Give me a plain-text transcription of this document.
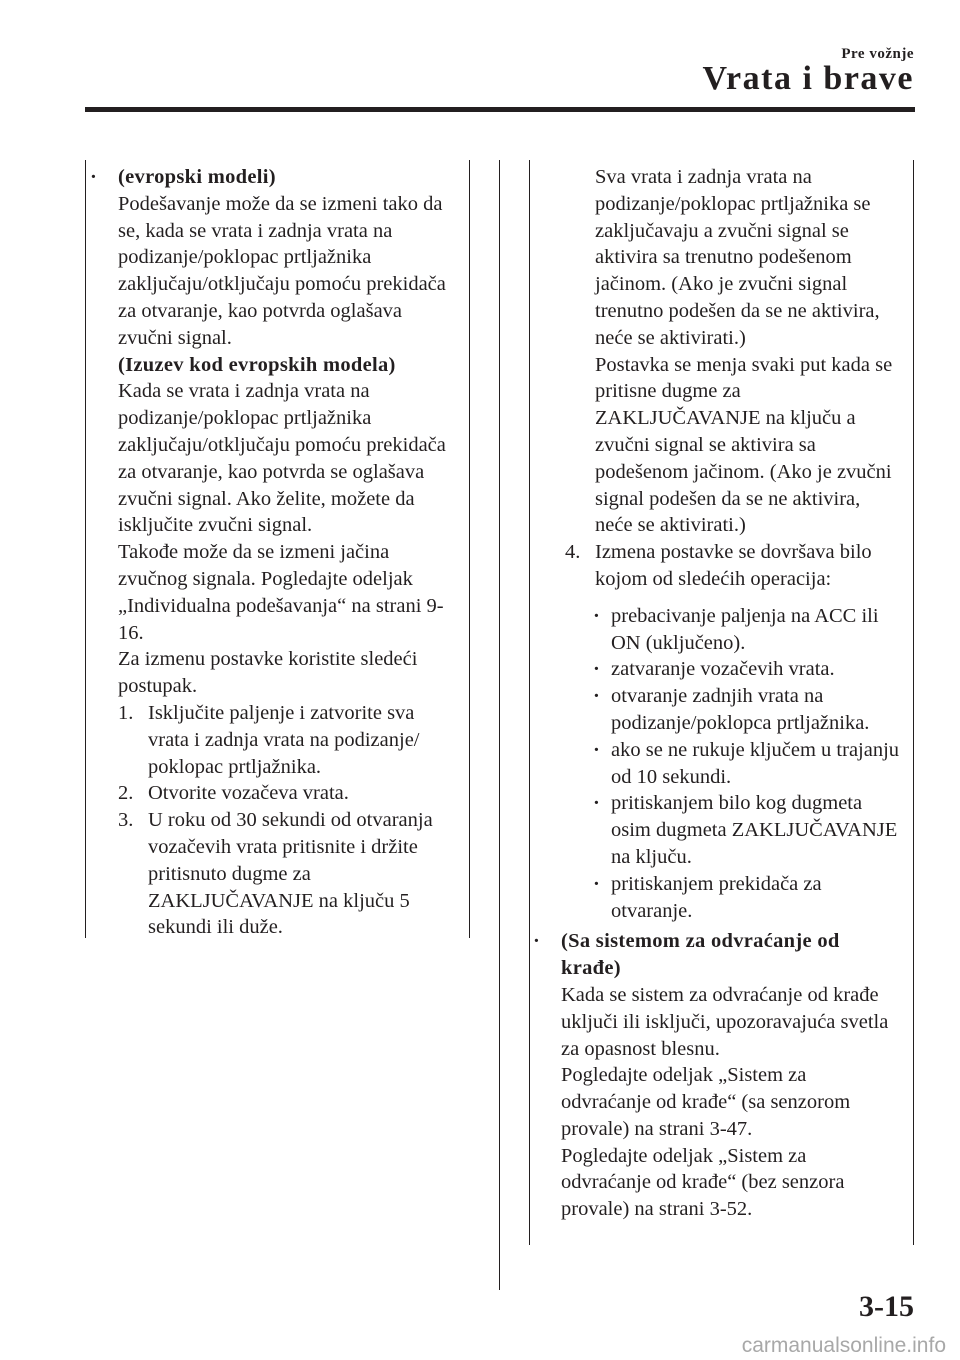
Pre vožnje
Vrata i brave

· (evropski modeli)

Podešavanje može da se izmeni tako da se, kada se vrata i zadnja vrata na podizanje/poklopac prtljažnika zaključaju/otključaju pomoću prekidača za otvaranje, kao potvrda oglašava zvučni signal.

(Izuzev kod evropskih modela)

Kada se vrata i zadnja vrata na podizanje/poklopac prtljažnika zaključaju/otključaju pomoću prekidača za otvaranje, kao potvrda se oglašava zvučni signal. Ako želite, možete da isključite zvučni signal.

Takođe može da se izmeni jačina zvučnog signala. Pogledajte odeljak „Individualna podešavanja“ na strani 9-16.

Za izmenu postavke koristite sledeći postupak.

1. Isključite paljenje i zatvorite sva vrata i zadnja vrata na podizanje/ poklopac prtljažnika.
2. Otvorite vozačeva vrata.
3. U roku od 30 sekundi od otvaranja vozačevih vrata pritisnite i držite pritisnuto dugme za ZAKLJUČAVANJE na ključu 5 sekundi ili duže.

Sva vrata i zadnja vrata na podizanje/poklopac prtljažnika se zaključavaju a zvučni signal se aktivira sa trenutno podešenom jačinom. (Ako je zvučni signal trenutno podešen da se ne aktivira, neće se aktivirati.)

Postavka se menja svaki put kada se pritisne dugme za ZAKLJUČAVANJE na ključu a zvučni signal se aktivira sa podešenom jačinom. (Ako je zvučni signal podešen da se ne aktivira, neće se aktivirati.)

4. Izmena postavke se dovršava bilo kojom od sledećih operacija:

· prebacivanje paljenja na ACC ili ON (uključeno).

· zatvaranje vozačevih vrata.

· otvaranje zadnjih vrata na podizanje/poklopca prtljažnika.

· ako se ne rukuje ključem u trajanju od 10 sekundi.

· pritiskanjem bilo kog dugmeta osim dugmeta ZAKLJUČAVANJE na ključu.

· pritiskanjem prekidača za otvaranje.

· (Sa sistemom za odvraćanje od krađe)

Kada se sistem za odvraćanje od krađe uključi ili isključi, upozoravajuća svetla za opasnost blesnu.

Pogledajte odeljak „Sistem za odvraćanje od krađe“ (sa senzorom provale) na strani 3-47.

Pogledajte odeljak „Sistem za odvraćanje od krađe“ (bez senzora provale) na strani 3-52.

3-15
carmanualsonline.info
